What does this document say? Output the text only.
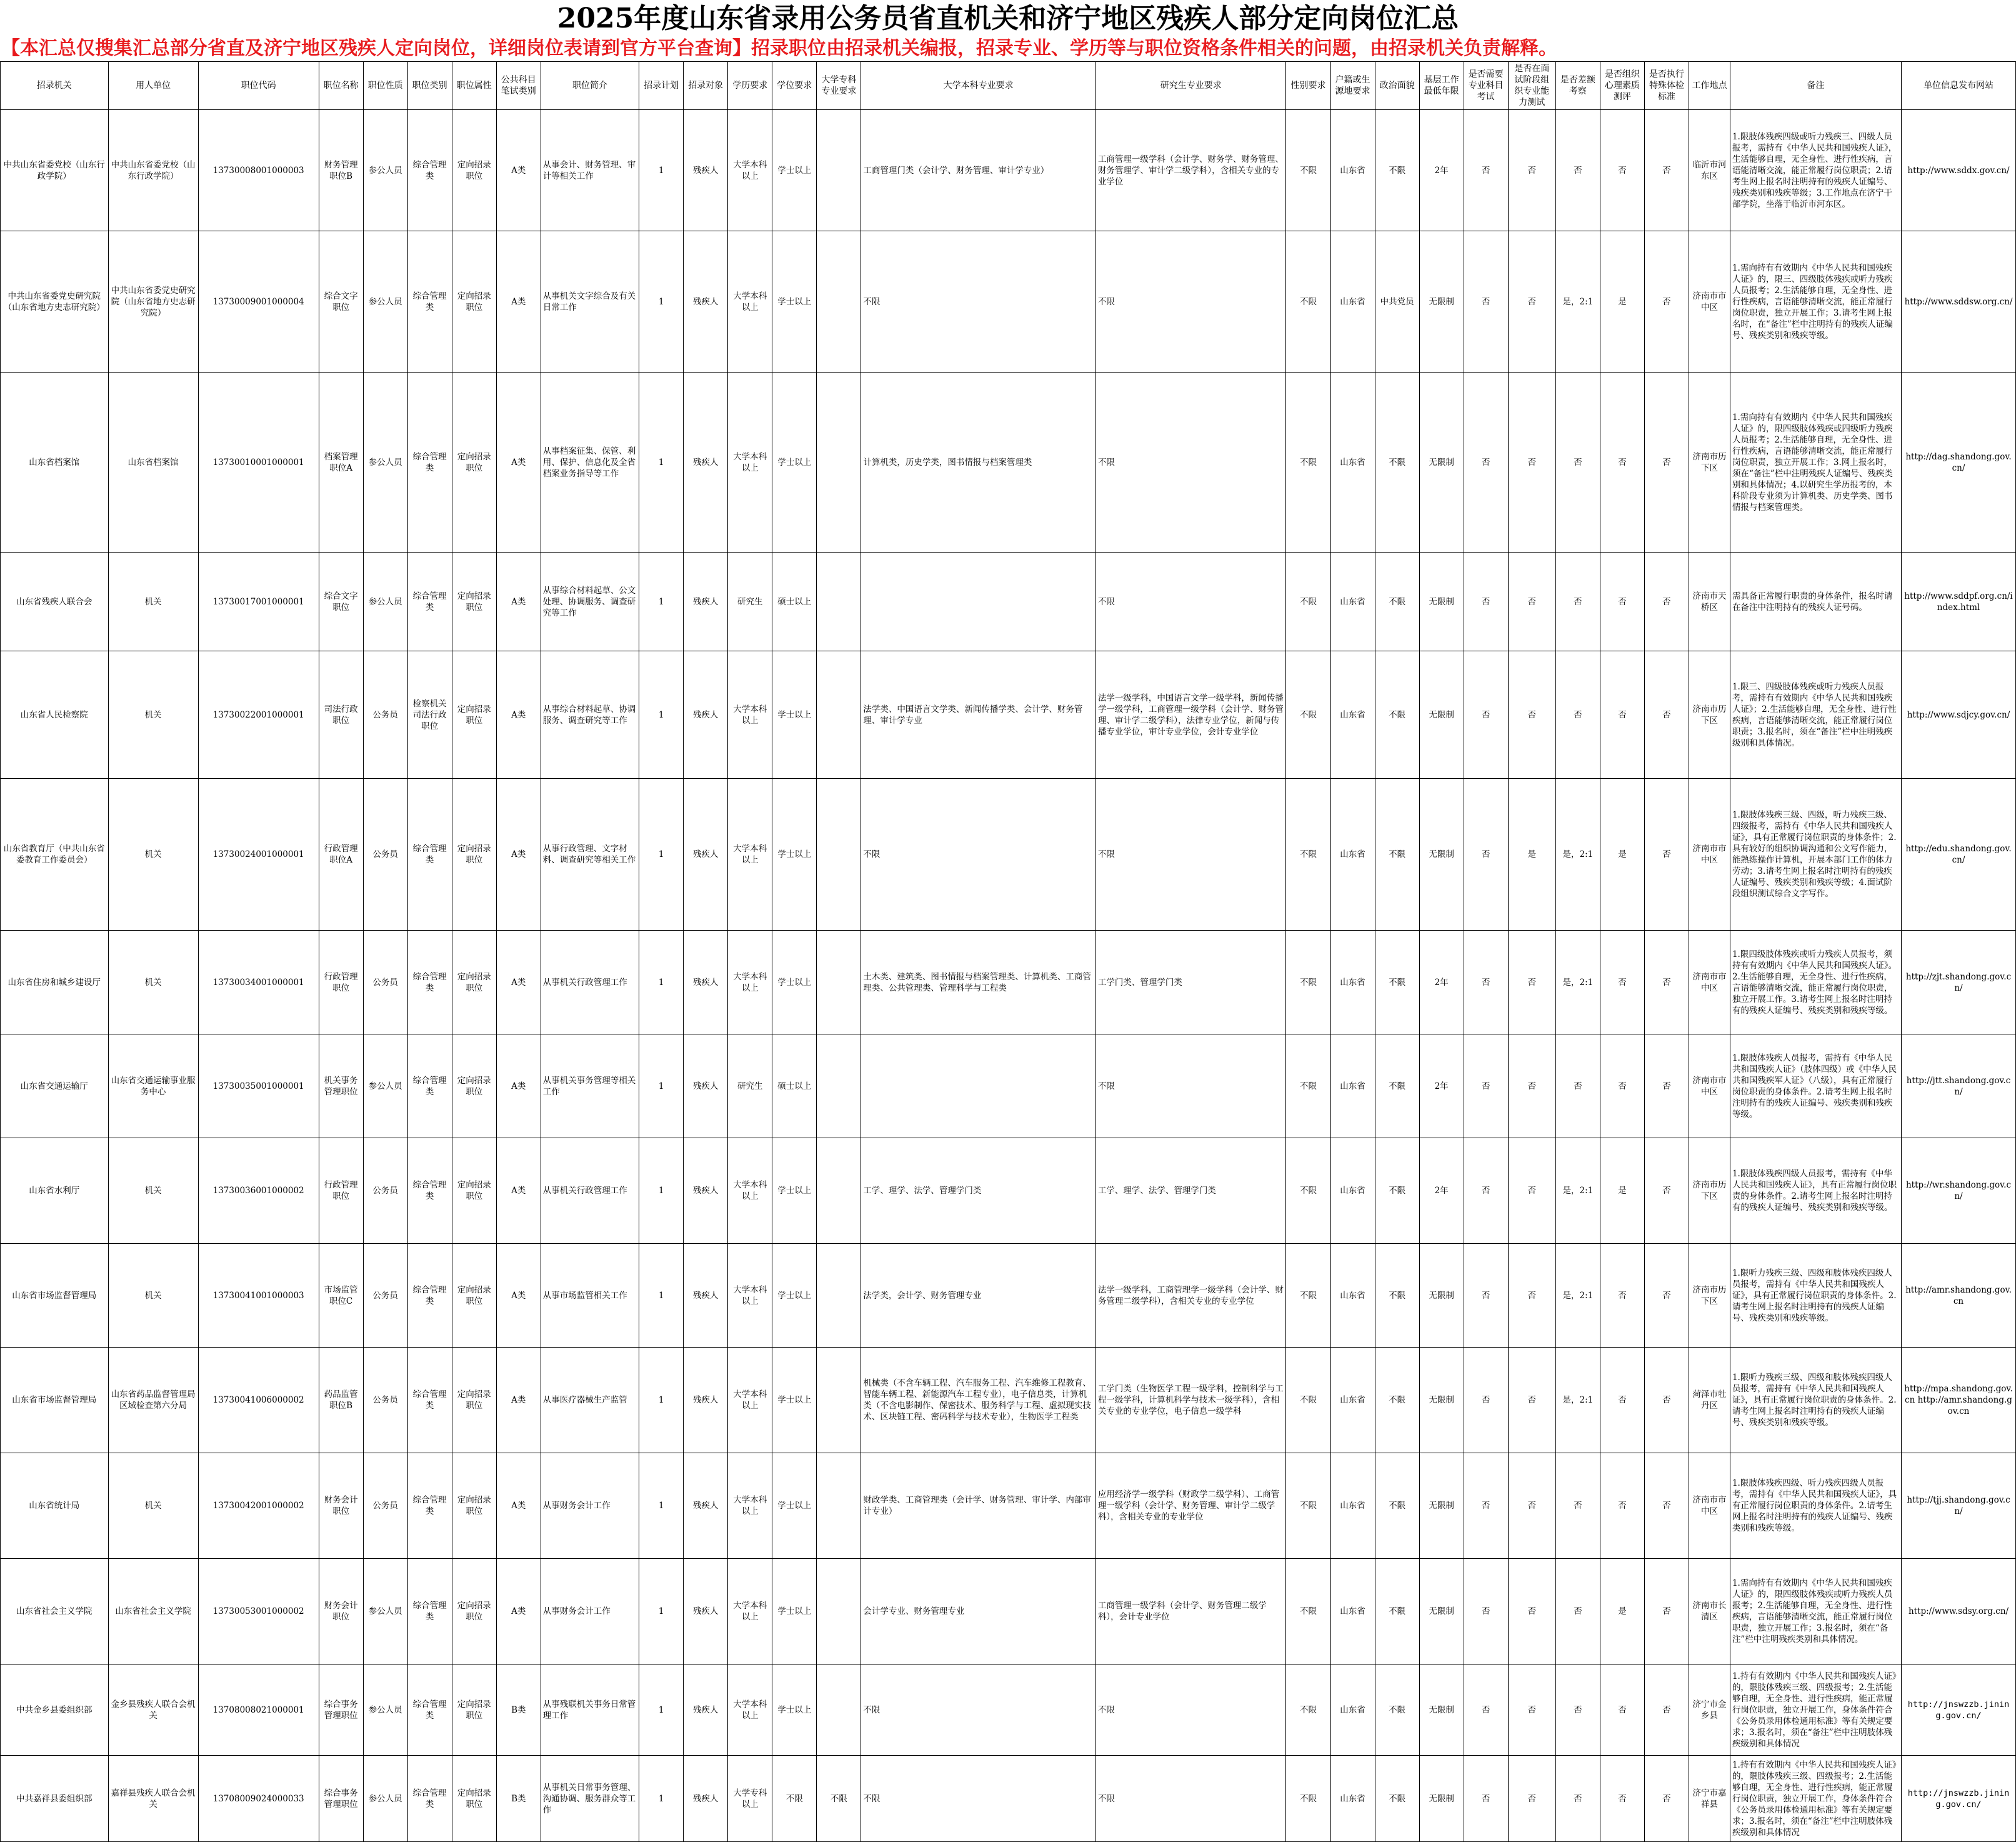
2025年度山东省录用公务员省直机关和济宁地区残疾人部分定向岗位汇总
【本汇总仅搜集汇总部分省直及济宁地区残疾人定向岗位，详细岗位表请到官方平台查询】招录职位由招录机关编报，招录专业、学历等与职位资格条件相关的问题，由招录机关负责解释。
招录机关	用人单位	职位代码	职位名称	职位性质	职位类别	职位属性	公共科目笔试类别	职位简介	招录计划	招录对象	学历要求	学位要求	大学专科专业要求	大学本科专业要求	研究生专业要求	性别要求	户籍或生源地要求	政治面貌	基层工作最低年限	是否需要专业科目考试	是否在面试阶段组织专业能力测试	是否差额考察	是否组织心理素质测评	是否执行特殊体检标准	工作地点	备注	单位信息发布网站
中共山东省委党校（山东行政学院）	中共山东省委党校（山东行政学院）	13730008001000003	财务管理职位B	参公人员	综合管理类	定向招录职位	A类	从事会计、财务管理、审计等相关工作	1	残疾人	大学本科以上	学士以上		工商管理门类（会计学、财务管理、审计学专业）	工商管理一级学科（会计学、财务学、财务管理、财务管理学、审计学二级学科），含相关专业的专业学位	不限	山东省	不限	2年	否	否	否	否	否	临沂市河东区	1.限肢体残疾四级或听力残疾三、四级人员报考，需持有《中华人民共和国残疾人证》，生活能够自理，无全身性、进行性疾病，言语能清晰交流，能正常履行岗位职责；2.请考生网上报名时注明持有的残疾人证编号、残疾类别和残疾等级；3.工作地点在济宁干部学院，坐落于临沂市河东区。	http://www.sddx.gov.cn/
中共山东省委党史研究院（山东省地方史志研究院）	中共山东省委党史研究院（山东省地方史志研究院）	13730009001000004	综合文字职位	参公人员	综合管理类	定向招录职位	A类	从事机关文字综合及有关日常工作	1	残疾人	大学本科以上	学士以上		不限	不限	不限	山东省	中共党员	无限制	否	否	是，2:1	是	否	济南市市中区	1.需向持有有效期内《中华人民共和国残疾人证》的，限三、四级肢体残疾或听力残疾人员报考；2.生活能够自理，无全身性、进行性疾病，言语能够清晰交流，能正常履行岗位职责，独立开展工作；3.请考生网上报名时，在“备注”栏中注明持有的残疾人证编号、残疾类别和残疾等级。	http://www.sddsw.org.cn/
山东省档案馆	山东省档案馆	13730010001000001	档案管理职位A	参公人员	综合管理类	定向招录职位	A类	从事档案征集、保管、利用、保护、信息化及全省档案业务指导等工作	1	残疾人	大学本科以上	学士以上		计算机类，历史学类，图书情报与档案管理类	不限	不限	山东省	不限	无限制	否	否	否	否	否	济南市历下区	1.需向持有有效期内《中华人民共和国残疾人证》的，限四级肢体残疾或四级听力残疾人员报考；2.生活能够自理，无全身性、进行性疾病，言语能够清晰交流，能正常履行岗位职责，独立开展工作；3.网上报名时，须在“备注”栏中注明残疾人证编号、残疾类别和具体情况；4.以研究生学历报考的，本科阶段专业须为计算机类、历史学类、图书情报与档案管理类。	http://dag.shandong.gov.cn/
山东省残疾人联合会	机关	13730017001000001	综合文字职位	参公人员	综合管理类	定向招录职位	A类	从事综合材料起草、公文处理、协调服务、调查研究等工作	1	残疾人	研究生	硕士以上			不限	不限	山东省	不限	无限制	否	否	否	否	否	济南市天桥区	需具备正常履行职责的身体条件，报名时请在备注中注明持有的残疾人证号码。	http://www.sddpf.org.cn/index.html
山东省人民检察院	机关	13730022001000001	司法行政职位	公务员	检察机关司法行政职位	定向招录职位	A类	从事综合材料起草、协调服务、调查研究等工作	1	残疾人	大学本科以上	学士以上		法学类、中国语言文学类、新闻传播学类、会计学、财务管理、审计学专业	法学一级学科，中国语言文学一级学科，新闻传播学一级学科，工商管理一级学科（会计学、财务管理、审计学二级学科），法律专业学位，新闻与传播专业学位，审计专业学位，会计专业学位	不限	山东省	不限	无限制	否	否	否	否	否	济南市历下区	1.限三、四级肢体残疾或听力残疾人员报考，需持有有效期内《中华人民共和国残疾人证》；2.生活能够自理，无全身性、进行性疾病，言语能够清晰交流，能正常履行岗位职责；3.报名时，须在“备注”栏中注明残疾级别和具体情况。	http://www.sdjcy.gov.cn/
山东省教育厅（中共山东省委教育工作委员会）	机关	13730024001000001	行政管理职位A	公务员	综合管理类	定向招录职位	A类	从事行政管理、文字材料、调查研究等相关工作	1	残疾人	大学本科以上	学士以上		不限	不限	不限	山东省	不限	无限制	否	是	是，2:1	是	否	济南市市中区	1.限肢体残疾三级、四级，听力残疾三级、四级报考，需持有《中华人民共和国残疾人证》，具有正常履行岗位职责的身体条件；2.具有较好的组织协调沟通和公文写作能力，能熟练操作计算机，开展本部门工作的体力劳动；3.请考生网上报名时注明持有的残疾人证编号、残疾类别和残疾等级；4.面试阶段组织测试综合文字写作。	http://edu.shandong.gov.cn/
山东省住房和城乡建设厅	机关	13730034001000001	行政管理职位	公务员	综合管理类	定向招录职位	A类	从事机关行政管理工作	1	残疾人	大学本科以上	学士以上		土木类、建筑类、图书情报与档案管理类、计算机类、工商管理类、公共管理类、管理科学与工程类	工学门类、管理学门类	不限	山东省	不限	2年	否	否	是，2:1	否	否	济南市市中区	1.限四级肢体残疾或听力残疾人员报考，须持有有效期内《中华人民共和国残疾人证》。2.生活能够自理，无全身性、进行性疾病，言语能够清晰交流，能正常履行岗位职责，独立开展工作。3.请考生网上报名时注明持有的残疾人证编号、残疾类别和残疾等级。	http://zjt.shandong.gov.cn/
山东省交通运输厅	山东省交通运输事业服务中心	13730035001000001	机关事务管理职位	参公人员	综合管理类	定向招录职位	A类	从事机关事务管理等相关工作	1	残疾人	研究生	硕士以上			不限	不限	山东省	不限	2年	否	否	否	否	否	济南市市中区	1.限肢体残疾人员报考，需持有《中华人民共和国残疾人证》（肢体四级）或《中华人民共和国残疾军人证》（八级），具有正常履行岗位职责的身体条件。2.请考生网上报名时注明持有的残疾人证编号、残疾类别和残疾等级。	http://jtt.shandong.gov.cn/
山东省水利厅	机关	13730036001000002	行政管理职位	公务员	综合管理类	定向招录职位	A类	从事机关行政管理工作	1	残疾人	大学本科以上	学士以上		工学、理学、法学、管理学门类	工学、理学、法学、管理学门类	不限	山东省	不限	2年	否	否	是，2:1	是	否	济南市历下区	1.限肢体残疾四级人员报考，需持有《中华人民共和国残疾人证》，具有正常履行岗位职责的身体条件。2.请考生网上报名时注明持有的残疾人证编号、残疾类别和残疾等级。	http://wr.shandong.gov.cn/
山东省市场监督管理局	机关	13730041001000003	市场监管职位C	公务员	综合管理类	定向招录职位	A类	从事市场监管相关工作	1	残疾人	大学本科以上	学士以上		法学类，会计学、财务管理专业	法学一级学科，工商管理学一级学科（会计学、财务管理二级学科），含相关专业的专业学位	不限	山东省	不限	无限制	否	否	是，2:1	否	否	济南市历下区	1.限听力残疾三级、四级和肢体残疾四级人员报考，需持有《中华人民共和国残疾人证》，具有正常履行岗位职责的身体条件。2.请考生网上报名时注明持有的残疾人证编号、残疾类别和残疾等级。	http://amr.shandong.gov.cn
山东省市场监督管理局	山东省药品监督管理局区域检查第六分局	13730041006000002	药品监管职位B	公务员	综合管理类	定向招录职位	A类	从事医疗器械生产监管	1	残疾人	大学本科以上	学士以上		机械类（不含车辆工程、汽车服务工程、汽车维修工程教育、智能车辆工程、新能源汽车工程专业），电子信息类，计算机类（不含电影制作、保密技术、服务科学与工程、虚拟现实技术、区块链工程、密码科学与技术专业），生物医学工程类	工学门类（生物医学工程一级学科，控制科学与工程一级学科，计算机科学与技术一级学科），含相关专业的专业学位，电子信息一级学科	不限	山东省	不限	无限制	否	否	是，2:1	否	否	菏泽市牡丹区	1.限听力残疾三级、四级和肢体残疾四级人员报考，需持有《中华人民共和国残疾人证》，具有正常履行岗位职责的身体条件。2.请考生网上报名时注明持有的残疾人证编号、残疾类别和残疾等级。	http://mpa.shandong.gov.cn http://amr.shandong.gov.cn
山东省统计局	机关	13730042001000002	财务会计职位	公务员	综合管理类	定向招录职位	A类	从事财务会计工作	1	残疾人	大学本科以上	学士以上		财政学类、工商管理类（会计学、财务管理、审计学、内部审计专业）	应用经济学一级学科（财政学二级学科）、工商管理一级学科（会计学、财务管理、审计学二级学科），含相关专业的专业学位	不限	山东省	不限	无限制	否	否	否	否	否	济南市市中区	1.限肢体残疾四级、听力残疾四级人员报考，需持有《中华人民共和国残疾人证》，具有正常履行岗位职责的身体条件。2.请考生网上报名时注明持有的残疾人证编号、残疾类别和残疾等级。	http://tjj.shandong.gov.cn/
山东省社会主义学院	山东省社会主义学院	13730053001000002	财务会计职位	参公人员	综合管理类	定向招录职位	A类	从事财务会计工作	1	残疾人	大学本科以上	学士以上		会计学专业、财务管理专业	工商管理一级学科（会计学、财务管理二级学科），会计专业学位	不限	山东省	不限	无限制	否	否	否	是	否	济南市长清区	1.需向持有有效期内《中华人民共和国残疾人证》的，限四级肢体残疾或听力残疾人员报考；2.生活能够自理，无全身性、进行性疾病，言语能够清晰交流，能正常履行岗位职责，独立开展工作；3.报名时，须在“备注”栏中注明残疾类别和具体情况。	http://www.sdsy.org.cn/
中共金乡县委组织部	金乡县残疾人联合会机关	13708008021000001	综合事务管理职位	参公人员	综合管理类	定向招录职位	B类	从事残联机关事务日常管理工作	1	残疾人	大学本科以上	学士以上		不限	不限	不限	山东省	不限	无限制	否	否	否	否	否	济宁市金乡县	1.持有有效期内《中华人民共和国残疾人证》的，限肢体残疾三级、四级报考；2.生活能够自理，无全身性、进行性疾病，能正常履行岗位职责，独立开展工作，身体条件符合《公务员录用体检通用标准》等有关规定要求；3.报名时，须在“备注”栏中注明肢体残疾级别和具体情况	http://jnswzzb.jining.gov.cn/
中共嘉祥县委组织部	嘉祥县残疾人联合会机关	13708009024000033	综合事务管理职位	参公人员	综合管理类	定向招录职位	B类	从事机关日常事务管理、沟通协调、服务群众等工作	1	残疾人	大学专科以上	不限	不限	不限	不限	不限	山东省	不限	无限制	否	否	否	否	否	济宁市嘉祥县	1.持有有效期内《中华人民共和国残疾人证》的，限肢体残疾三级、四级报考；2.生活能够自理，无全身性、进行性疾病，能正常履行岗位职责，独立开展工作，身体条件符合《公务员录用体检通用标准》等有关规定要求；3.报名时，须在“备注”栏中注明肢体残疾级别和具体情况	http://jnswzzb.jining.gov.cn/
